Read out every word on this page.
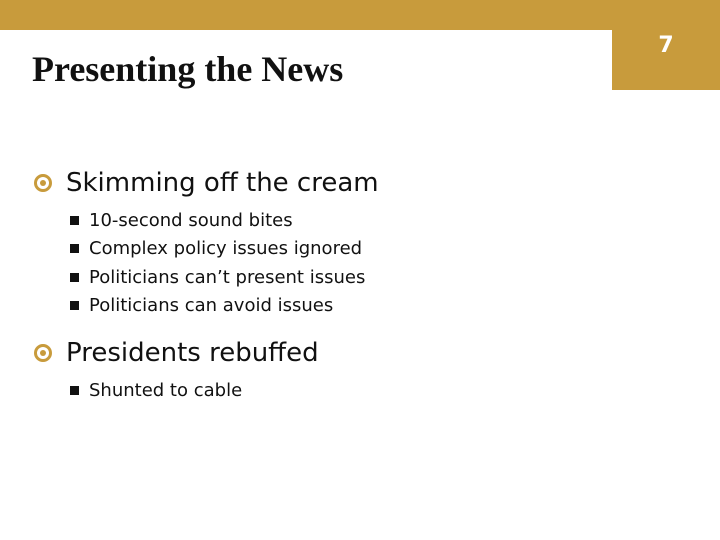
7
Presenting the News
Skimming off the cream
10-second sound bites
Complex policy issues ignored
Politicians can’t present issues
Politicians can avoid issues
Presidents rebuffed
Shunted to cable
